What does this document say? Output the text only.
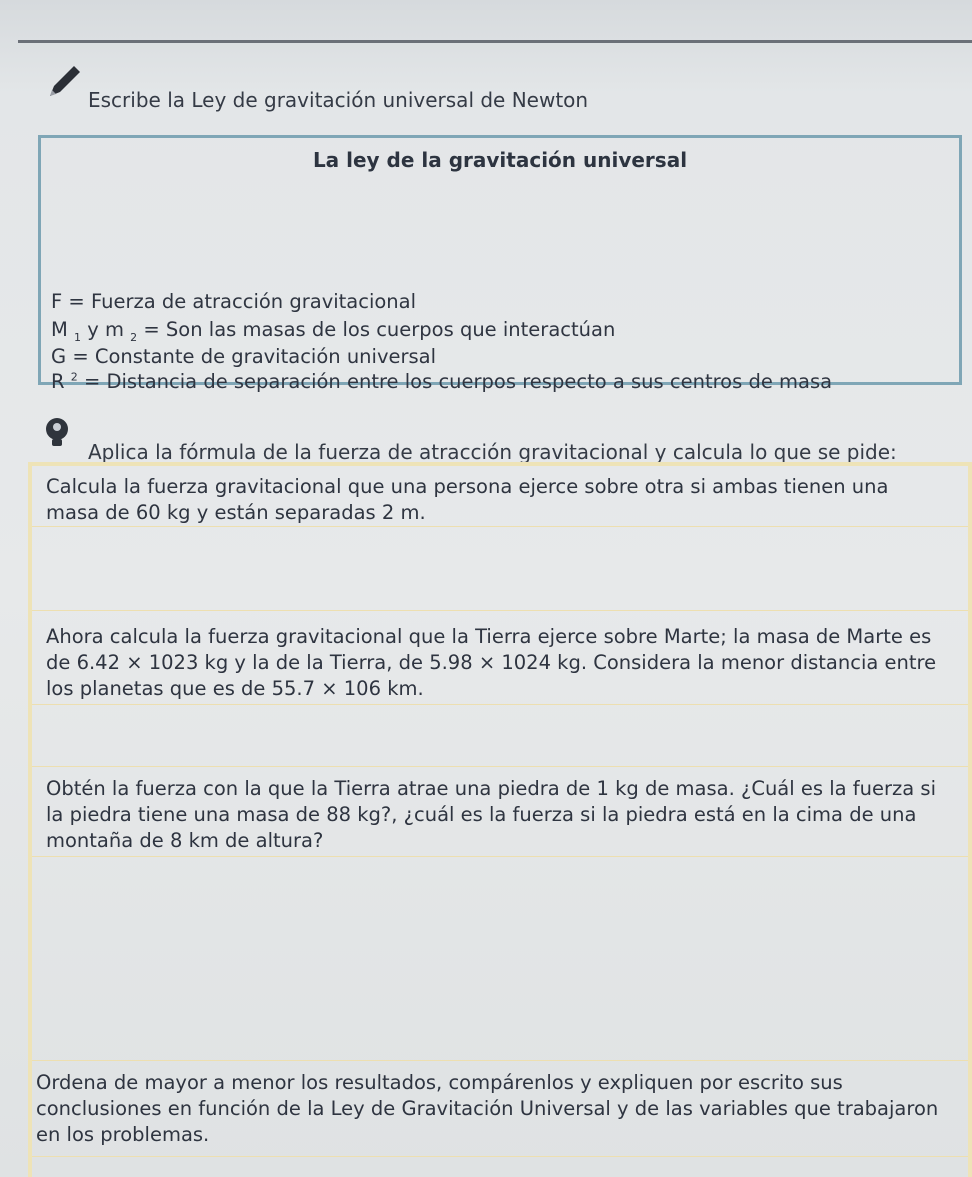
Escribe la Ley de gravitación universal de Newton
La ley de la gravitación universal
F = Fuerza de atracción gravitacional
M $_1$ y m $_2$ = Son las masas de los cuerpos que interactúan
G = Constante de gravitación universal
R $^2$ = Distancia de separación entre los cuerpos respecto a sus centros de masa
Aplica la fórmula de la fuerza de atracción gravitacional y calcula lo que se pide:
Calcula la fuerza gravitacional que una persona ejerce sobre otra si ambas tienen una masa de 60 kg y están separadas 2 m.
Ahora calcula la fuerza gravitacional que la Tierra ejerce sobre Marte; la masa de Marte es de 6.42 × 1023 kg y la de la Tierra, de 5.98 × 1024 kg. Considera la menor distancia entre los planetas que es de 55.7 × 106 km.
Obtén la fuerza con la que la Tierra atrae una piedra de 1 kg de masa. ¿Cuál es la fuerza si la piedra tiene una masa de 88 kg?, ¿cuál es la fuerza si la piedra está en la cima de una montaña de 8 km de altura?
Ordena de mayor a menor los resultados, compárenlos y expliquen por escrito sus conclusiones en función de la Ley de Gravitación Universal y de las variables que trabajaron en los problemas.
